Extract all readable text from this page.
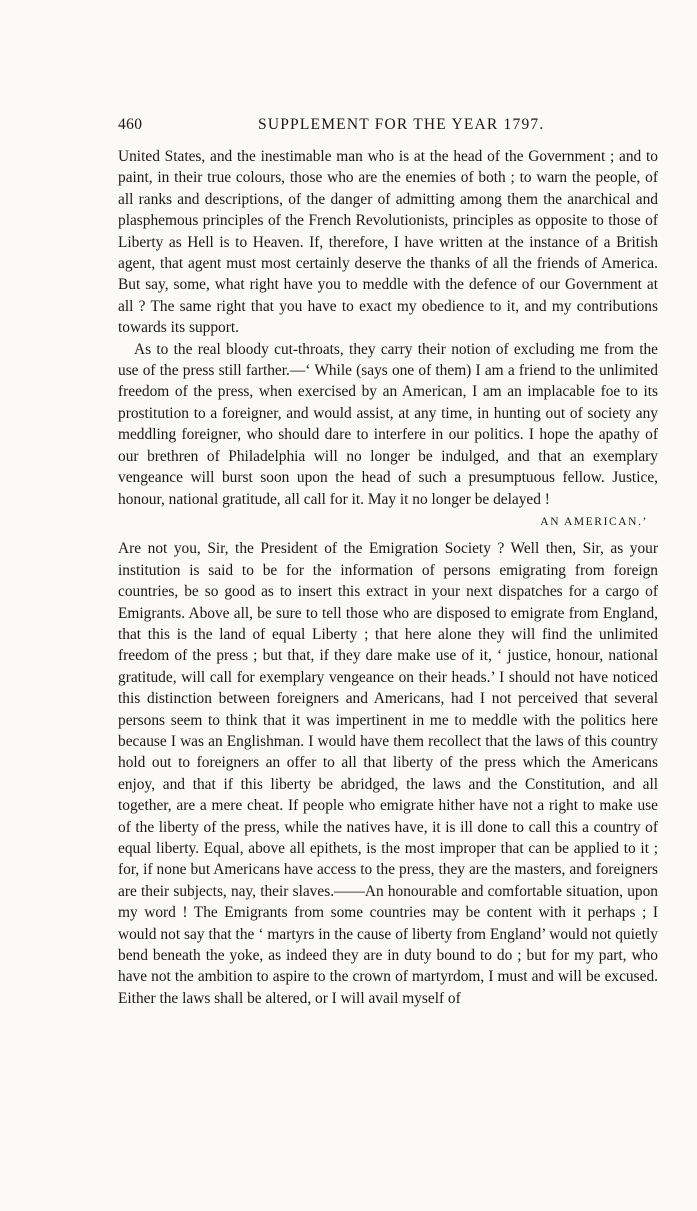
460	SUPPLEMENT FOR THE YEAR 1797.

United States, and the inestimable man who is at the head of the Government ; and to paint, in their true colours, those who are the enemies of both ; to warn the people, of all ranks and descriptions, of the danger of admitting among them the anarchical and plasphemous principles of the French Revolutionists, principles as opposite to those of Liberty as Hell is to Heaven. If, therefore, I have written at the instance of a British agent, that agent must most certainly deserve the thanks of all the friends of America. But say, some, what right have you to meddle with the defence of our Government at all ? The same right that you have to exact my obedience to it, and my contributions towards its support.

As to the real bloody cut-throats, they carry their notion of excluding me from the use of the press still farther.—‘ While (says one of them) I am a friend to the unlimited freedom of the press, when exercised by an American, I am an implacable foe to its prostitution to a foreigner, and would assist, at any time, in hunting out of society any meddling foreigner, who should dare to interfere in our politics. I hope the apathy of our brethren of Philadelphia will no longer be indulged, and that an exemplary vengeance will burst soon upon the head of such a presumptuous fellow. Justice, honour, national gratitude, all call for it. May it no longer be delayed !

AN AMERICAN.’

Are not you, Sir, the President of the Emigration Society ? Well then, Sir, as your institution is said to be for the information of persons emigrating from foreign countries, be so good as to insert this extract in your next dispatches for a cargo of Emigrants. Above all, be sure to tell those who are disposed to emigrate from England, that this is the land of equal Liberty ; that here alone they will find the unlimited freedom of the press ; but that, if they dare make use of it, ‘ justice, honour, national gratitude, will call for exemplary vengeance on their heads.’ I should not have noticed this distinction between foreigners and Americans, had I not perceived that several persons seem to think that it was impertinent in me to meddle with the politics here because I was an Englishman. I would have them recollect that the laws of this country hold out to foreigners an offer to all that liberty of the press which the Americans enjoy, and that if this liberty be abridged, the laws and the Constitution, and all together, are a mere cheat. If people who emigrate hither have not a right to make use of the liberty of the press, while the natives have, it is ill done to call this a country of equal liberty. Equal, above all epithets, is the most improper that can be applied to it ; for, if none but Americans have access to the press, they are the masters, and foreigners are their subjects, nay, their slaves.——An honourable and comfortable situation, upon my word ! The Emigrants from some countries may be content with it perhaps ; I would not say that the ‘ martyrs in the cause of liberty from England’ would not quietly bend beneath the yoke, as indeed they are in duty bound to do ; but for my part, who have not the ambition to aspire to the crown of martyrdom, I must and will be excused. Either the laws shall be altered, or I will avail myself of
